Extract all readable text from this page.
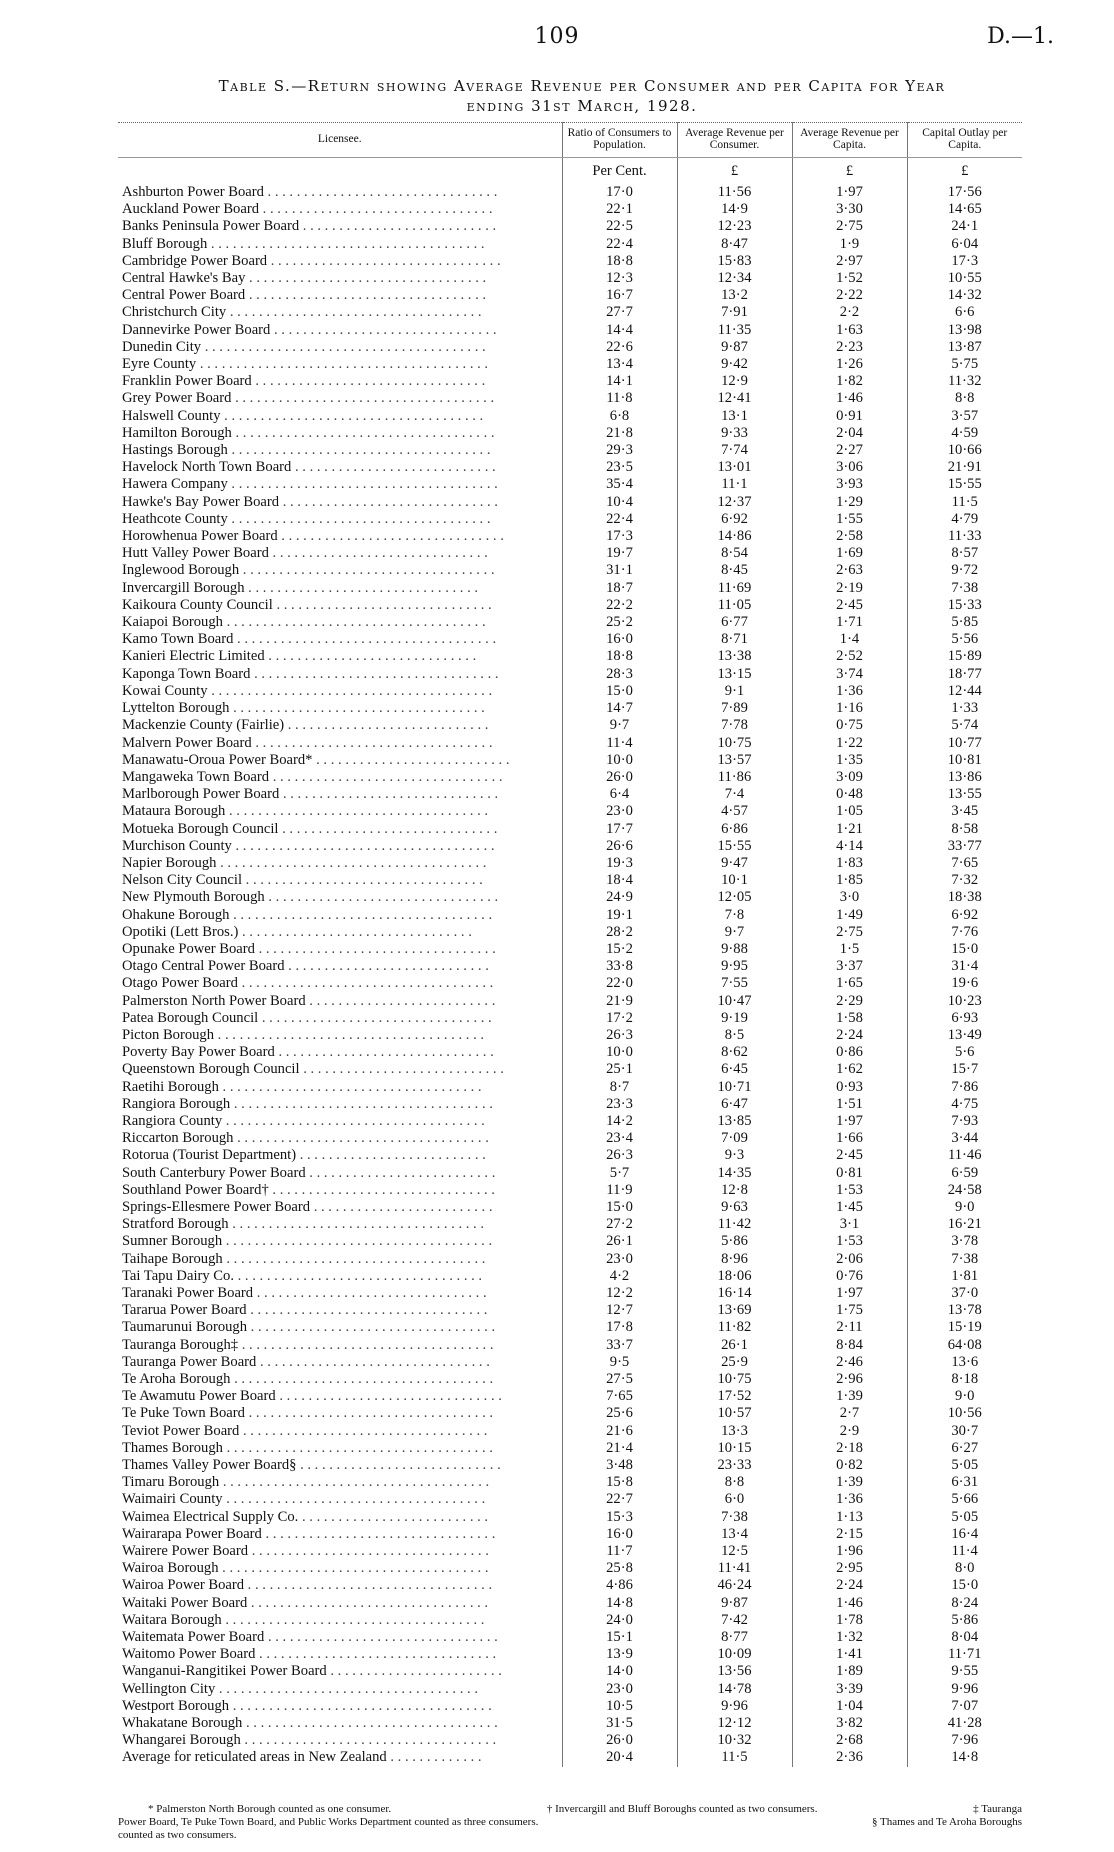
109	D.—1.
Table S.—Return showing Average Revenue per Consumer and per Capita for Year
ending 31st March, 1928.
Licensee.	Ratio of Consumers to Population.	Average Revenue per Consumer.	Average Revenue per Capita.	Capital Outlay per Capita.
	Per Cent.	£	£	£
Ashburton Power Board . . . . . . . . . . . . . . . . . . . . . . . . . . . . . . . .	17·0	11·56	1·97	17·56
Auckland Power Board . . . . . . . . . . . . . . . . . . . . . . . . . . . . . . . .	22·1	14·9	3·30	14·65
Banks Peninsula Power Board . . . . . . . . . . . . . . . . . . . . . . . . . . .	22·5	12·23	2·75	24·1
Bluff Borough . . . . . . . . . . . . . . . . . . . . . . . . . . . . . . . . . . . . . .	22·4	8·47	1·9	6·04
Cambridge Power Board . . . . . . . . . . . . . . . . . . . . . . . . . . . . . . . .	18·8	15·83	2·97	17·3
Central Hawke's Bay . . . . . . . . . . . . . . . . . . . . . . . . . . . . . . . . .	12·3	12·34	1·52	10·55
Central Power Board . . . . . . . . . . . . . . . . . . . . . . . . . . . . . . . . .	16·7	13·2	2·22	14·32
Christchurch City . . . . . . . . . . . . . . . . . . . . . . . . . . . . . . . . . . .	27·7	7·91	2·2	6·6
Dannevirke Power Board . . . . . . . . . . . . . . . . . . . . . . . . . . . . . . .	14·4	11·35	1·63	13·98
Dunedin City . . . . . . . . . . . . . . . . . . . . . . . . . . . . . . . . . . . . . . .	22·6	9·87	2·23	13·87
Eyre County . . . . . . . . . . . . . . . . . . . . . . . . . . . . . . . . . . . . . . . .	13·4	9·42	1·26	5·75
Franklin Power Board . . . . . . . . . . . . . . . . . . . . . . . . . . . . . . . .	14·1	12·9	1·82	11·32
Grey Power Board . . . . . . . . . . . . . . . . . . . . . . . . . . . . . . . . . . . .	11·8	12·41	1·46	8·8
Halswell County . . . . . . . . . . . . . . . . . . . . . . . . . . . . . . . . . . . .	6·8	13·1	0·91	3·57
Hamilton Borough . . . . . . . . . . . . . . . . . . . . . . . . . . . . . . . . . . . .	21·8	9·33	2·04	4·59
Hastings Borough . . . . . . . . . . . . . . . . . . . . . . . . . . . . . . . . . . . .	29·3	7·74	2·27	10·66
Havelock North Town Board . . . . . . . . . . . . . . . . . . . . . . . . . . . .	23·5	13·01	3·06	21·91
Hawera Company . . . . . . . . . . . . . . . . . . . . . . . . . . . . . . . . . . . . .	35·4	11·1	3·93	15·55
Hawke's Bay Power Board . . . . . . . . . . . . . . . . . . . . . . . . . . . . . .	10·4	12·37	1·29	11·5
Heathcote County . . . . . . . . . . . . . . . . . . . . . . . . . . . . . . . . . . . .	22·4	6·92	1·55	4·79
Horowhenua Power Board . . . . . . . . . . . . . . . . . . . . . . . . . . . . . . .	17·3	14·86	2·58	11·33
Hutt Valley Power Board . . . . . . . . . . . . . . . . . . . . . . . . . . . . . .	19·7	8·54	1·69	8·57
Inglewood Borough . . . . . . . . . . . . . . . . . . . . . . . . . . . . . . . . . . .	31·1	8·45	2·63	9·72
Invercargill Borough . . . . . . . . . . . . . . . . . . . . . . . . . . . . . . . .	18·7	11·69	2·19	7·38
Kaikoura County Council . . . . . . . . . . . . . . . . . . . . . . . . . . . . . .	22·2	11·05	2·45	15·33
Kaiapoi Borough . . . . . . . . . . . . . . . . . . . . . . . . . . . . . . . . . . . .	25·2	6·77	1·71	5·85
Kamo Town Board . . . . . . . . . . . . . . . . . . . . . . . . . . . . . . . . . . . .	16·0	8·71	1·4	5·56
Kanieri Electric Limited . . . . . . . . . . . . . . . . . . . . . . . . . . . . .	18·8	13·38	2·52	15·89
Kaponga Town Board . . . . . . . . . . . . . . . . . . . . . . . . . . . . . . . . . .	28·3	13·15	3·74	18·77
Kowai County . . . . . . . . . . . . . . . . . . . . . . . . . . . . . . . . . . . . . . .	15·0	9·1	1·36	12·44
Lyttelton Borough . . . . . . . . . . . . . . . . . . . . . . . . . . . . . . . . . . .	14·7	7·89	1·16	1·33
Mackenzie County (Fairlie) . . . . . . . . . . . . . . . . . . . . . . . . . . . .	9·7	7·78	0·75	5·74
Malvern Power Board . . . . . . . . . . . . . . . . . . . . . . . . . . . . . . . . .	11·4	10·75	1·22	10·77
Manawatu-Oroua Power Board* . . . . . . . . . . . . . . . . . . . . . . . . . . .	10·0	13·57	1·35	10·81
Mangaweka Town Board . . . . . . . . . . . . . . . . . . . . . . . . . . . . . . . .	26·0	11·86	3·09	13·86
Marlborough Power Board . . . . . . . . . . . . . . . . . . . . . . . . . . . . . .	6·4	7·4	0·48	13·55
Mataura Borough . . . . . . . . . . . . . . . . . . . . . . . . . . . . . . . . . . . .	23·0	4·57	1·05	3·45
Motueka Borough Council . . . . . . . . . . . . . . . . . . . . . . . . . . . . . .	17·7	6·86	1·21	8·58
Murchison County . . . . . . . . . . . . . . . . . . . . . . . . . . . . . . . . . . . .	26·6	15·55	4·14	33·77
Napier Borough . . . . . . . . . . . . . . . . . . . . . . . . . . . . . . . . . . . . .	19·3	9·47	1·83	7·65
Nelson City Council . . . . . . . . . . . . . . . . . . . . . . . . . . . . . . . . .	18·4	10·1	1·85	7·32
New Plymouth Borough . . . . . . . . . . . . . . . . . . . . . . . . . . . . . . . .	24·9	12·05	3·0	18·38
Ohakune Borough . . . . . . . . . . . . . . . . . . . . . . . . . . . . . . . . . . . .	19·1	7·8	1·49	6·92
Opotiki (Lett Bros.) . . . . . . . . . . . . . . . . . . . . . . . . . . . . . . . .	28·2	9·7	2·75	7·76
Opunake Power Board . . . . . . . . . . . . . . . . . . . . . . . . . . . . . . . . .	15·2	9·88	1·5	15·0
Otago Central Power Board . . . . . . . . . . . . . . . . . . . . . . . . . . . .	33·8	9·95	3·37	31·4
Otago Power Board . . . . . . . . . . . . . . . . . . . . . . . . . . . . . . . . . . .	22·0	7·55	1·65	19·6
Palmerston North Power Board . . . . . . . . . . . . . . . . . . . . . . . . . .	21·9	10·47	2·29	10·23
Patea Borough Council . . . . . . . . . . . . . . . . . . . . . . . . . . . . . . . .	17·2	9·19	1·58	6·93
Picton Borough . . . . . . . . . . . . . . . . . . . . . . . . . . . . . . . . . . . . .	26·3	8·5	2·24	13·49
Poverty Bay Power Board . . . . . . . . . . . . . . . . . . . . . . . . . . . . . .	10·0	8·62	0·86	5·6
Queenstown Borough Council . . . . . . . . . . . . . . . . . . . . . . . . . . . .	25·1	6·45	1·62	15·7
Raetihi Borough . . . . . . . . . . . . . . . . . . . . . . . . . . . . . . . . . . . .	8·7	10·71	0·93	7·86
Rangiora Borough . . . . . . . . . . . . . . . . . . . . . . . . . . . . . . . . . . . .	23·3	6·47	1·51	4·75
Rangiora County . . . . . . . . . . . . . . . . . . . . . . . . . . . . . . . . . . . .	14·2	13·85	1·97	7·93
Riccarton Borough . . . . . . . . . . . . . . . . . . . . . . . . . . . . . . . . . . .	23·4	7·09	1·66	3·44
Rotorua (Tourist Department) . . . . . . . . . . . . . . . . . . . . . . . . . .	26·3	9·3	2·45	11·46
South Canterbury Power Board . . . . . . . . . . . . . . . . . . . . . . . . . .	5·7	14·35	0·81	6·59
Southland Power Board† . . . . . . . . . . . . . . . . . . . . . . . . . . . . . . .	11·9	12·8	1·53	24·58
Springs-Ellesmere Power Board . . . . . . . . . . . . . . . . . . . . . . . . .	15·0	9·63	1·45	9·0
Stratford Borough . . . . . . . . . . . . . . . . . . . . . . . . . . . . . . . . . . .	27·2	11·42	3·1	16·21
Sumner Borough . . . . . . . . . . . . . . . . . . . . . . . . . . . . . . . . . . . . .	26·1	5·86	1·53	3·78
Taihape Borough . . . . . . . . . . . . . . . . . . . . . . . . . . . . . . . . . . . .	23·0	8·96	2·06	7·38
Tai Tapu Dairy Co. . . . . . . . . . . . . . . . . . . . . . . . . . . . . . . . . . .	4·2	18·06	0·76	1·81
Taranaki Power Board . . . . . . . . . . . . . . . . . . . . . . . . . . . . . . . .	12·2	16·14	1·97	37·0
Tararua Power Board . . . . . . . . . . . . . . . . . . . . . . . . . . . . . . . . .	12·7	13·69	1·75	13·78
Taumarunui Borough . . . . . . . . . . . . . . . . . . . . . . . . . . . . . . . . . .	17·8	11·82	2·11	15·19
Tauranga Borough‡ . . . . . . . . . . . . . . . . . . . . . . . . . . . . . . . . . . .	33·7	26·1	8·84	64·08
Tauranga Power Board . . . . . . . . . . . . . . . . . . . . . . . . . . . . . . . .	9·5	25·9	2·46	13·6
Te Aroha Borough . . . . . . . . . . . . . . . . . . . . . . . . . . . . . . . . . . . .	27·5	10·75	2·96	8·18
Te Awamutu Power Board . . . . . . . . . . . . . . . . . . . . . . . . . . . . . . .	7·65	17·52	1·39	9·0
Te Puke Town Board . . . . . . . . . . . . . . . . . . . . . . . . . . . . . . . . . .	25·6	10·57	2·7	10·56
Teviot Power Board . . . . . . . . . . . . . . . . . . . . . . . . . . . . . . . . . .	21·6	13·3	2·9	30·7
Thames Borough . . . . . . . . . . . . . . . . . . . . . . . . . . . . . . . . . . . . .	21·4	10·15	2·18	6·27
Thames Valley Power Board§ . . . . . . . . . . . . . . . . . . . . . . . . . . . .	3·48	23·33	0·82	5·05
Timaru Borough . . . . . . . . . . . . . . . . . . . . . . . . . . . . . . . . . . . . .	15·8	8·8	1·39	6·31
Waimairi County . . . . . . . . . . . . . . . . . . . . . . . . . . . . . . . . . . . .	22·7	6·0	1·36	5·66
Waimea Electrical Supply Co. . . . . . . . . . . . . . . . . . . . . . . . . . .	15·3	7·38	1·13	5·05
Wairarapa Power Board . . . . . . . . . . . . . . . . . . . . . . . . . . . . . . . .	16·0	13·4	2·15	16·4
Wairere Power Board . . . . . . . . . . . . . . . . . . . . . . . . . . . . . . . . .	11·7	12·5	1·96	11·4
Wairoa Borough . . . . . . . . . . . . . . . . . . . . . . . . . . . . . . . . . . . . .	25·8	11·41	2·95	8·0
Wairoa Power Board . . . . . . . . . . . . . . . . . . . . . . . . . . . . . . . . . .	4·86	46·24	2·24	15·0
Waitaki Power Board . . . . . . . . . . . . . . . . . . . . . . . . . . . . . . . . .	14·8	9·87	1·46	8·24
Waitara Borough . . . . . . . . . . . . . . . . . . . . . . . . . . . . . . . . . . . .	24·0	7·42	1·78	5·86
Waitemata Power Board . . . . . . . . . . . . . . . . . . . . . . . . . . . . . . . .	15·1	8·77	1·32	8·04
Waitomo Power Board . . . . . . . . . . . . . . . . . . . . . . . . . . . . . . . . .	13·9	10·09	1·41	11·71
Wanganui-Rangitikei Power Board . . . . . . . . . . . . . . . . . . . . . . . .	14·0	13·56	1·89	9·55
Wellington City . . . . . . . . . . . . . . . . . . . . . . . . . . . . . . . . . . . .	23·0	14·78	3·39	9·96
Westport Borough . . . . . . . . . . . . . . . . . . . . . . . . . . . . . . . . . . . .	10·5	9·96	1·04	7·07
Whakatane Borough . . . . . . . . . . . . . . . . . . . . . . . . . . . . . . . . . . .	31·5	12·12	3·82	41·28
Whangarei Borough . . . . . . . . . . . . . . . . . . . . . . . . . . . . . . . . . . .	26·0	10·32	2·68	7·96
Average for reticulated areas in New Zealand . . . . . . . . . . . . .	20·4	11·5	2·36	14·8
* Palmerston North Borough counted as one consumer.	† Invercargill and Bluff Boroughs counted as two consumers.	‡ Tauranga
Power Board, Te Puke Town Board, and Public Works Department counted as three consumers.	§ Thames and Te Aroha Boroughs
counted as two consumers.
